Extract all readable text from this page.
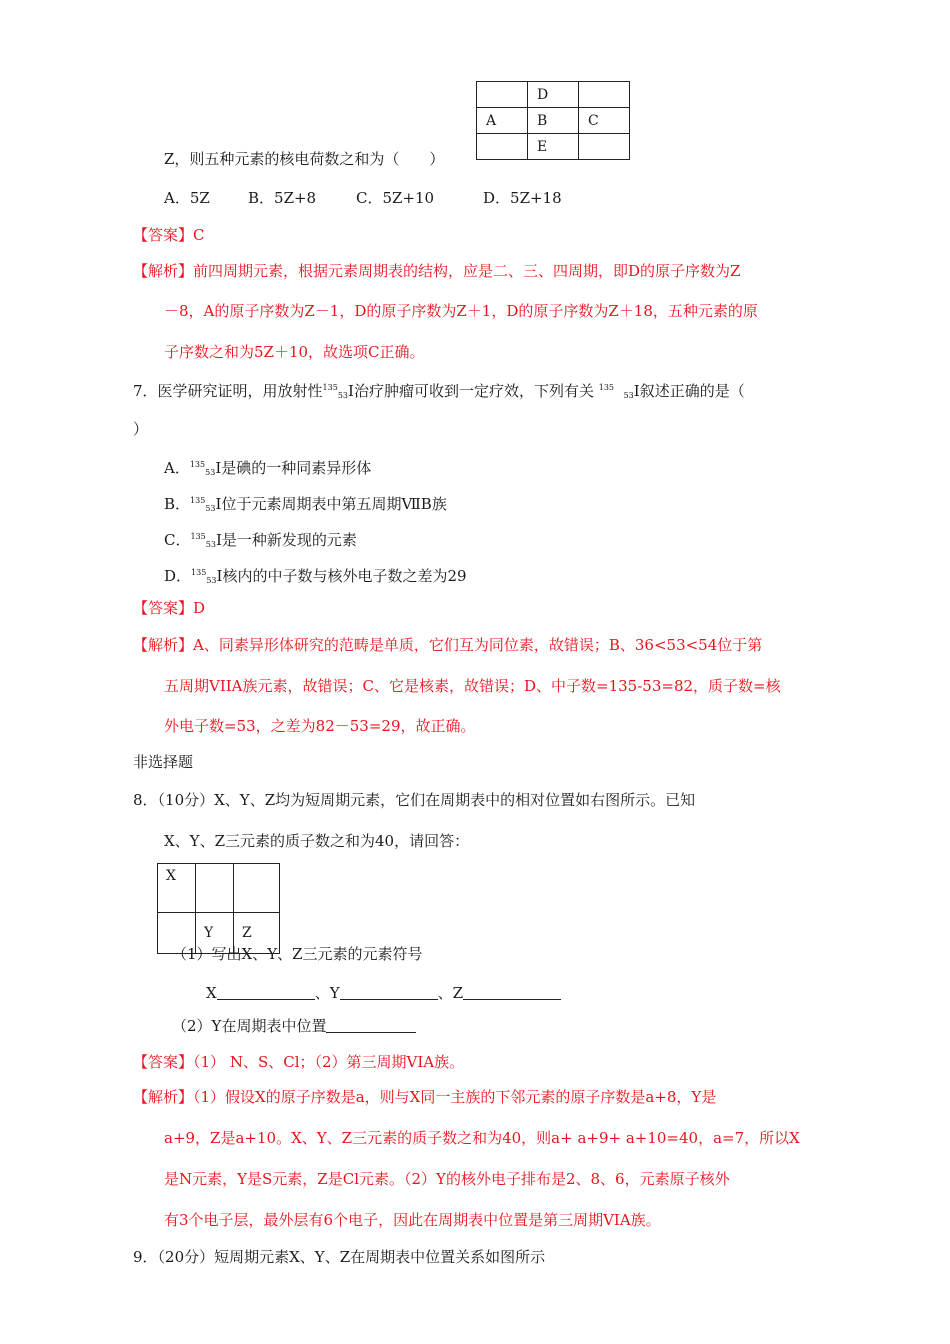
	D	
A	B	C
	E	
Z，则五种元素的核电荷数之和为（　　）
A．5Z	B．5Z+8	C．5Z+10	D．5Z+18
【答案】C
【解析】前四周期元素，根据元素周期表的结构，应是二、三、四周期，即D的原子序数为Z
－8，A的原子序数为Z－1，D的原子序数为Z＋1，D的原子序数为Z＋18，五种元素的原
子序数之和为5Z＋10，故选项C正确。
7．医学研究证明，用放射性$^{135}_{53}$I治疗肿瘤可收到一定疗效，下列有关 $^{135}$  $_{53}$I叙述正确的是（
）
A．$^{135}_{53}$I是碘的一种同素异形体
B．$^{135}_{53}$I位于元素周期表中第五周期ⅦB族
C．$^{135}_{53}$I是一种新发现的元素
D．$^{135}_{53}$I核内的中子数与核外电子数之差为29
【答案】D
【解析】A、同素异形体研究的范畴是单质，它们互为同位素，故错误；B、36<53<54位于第
五周期VIIA族元素，故错误；C、它是核素，故错误；D、中子数=135-53=82，质子数=核
外电子数=53，之差为82－53=29，故正确。
非选择题
8．（10分）X、Y、Z均为短周期元素，它们在周期表中的相对位置如右图所示。已知
X、Y、Z三元素的质子数之和为40，请回答：
X		
	Y	Z
（1）写出X、Y、Z三元素的元素符号
X	、Y	、Z
（2）Y在周期表中位置
【答案】（1） N、S、Cl；（2）第三周期VIA族。
【解析】（1）假设X的原子序数是a，则与X同一主族的下邻元素的原子序数是a+8，Y是
a+9，Z是a+10。X、Y、Z三元素的质子数之和为40，则a+ a+9+ a+10=40，a=7，所以X
是N元素，Y是S元素，Z是Cl元素。（2）Y的核外电子排布是2、8、6，元素原子核外
有3个电子层，最外层有6个电子，因此在周期表中位置是第三周期VIA族。
9．（20分）短周期元素X、Y、Z在周期表中位置关系如图所示
